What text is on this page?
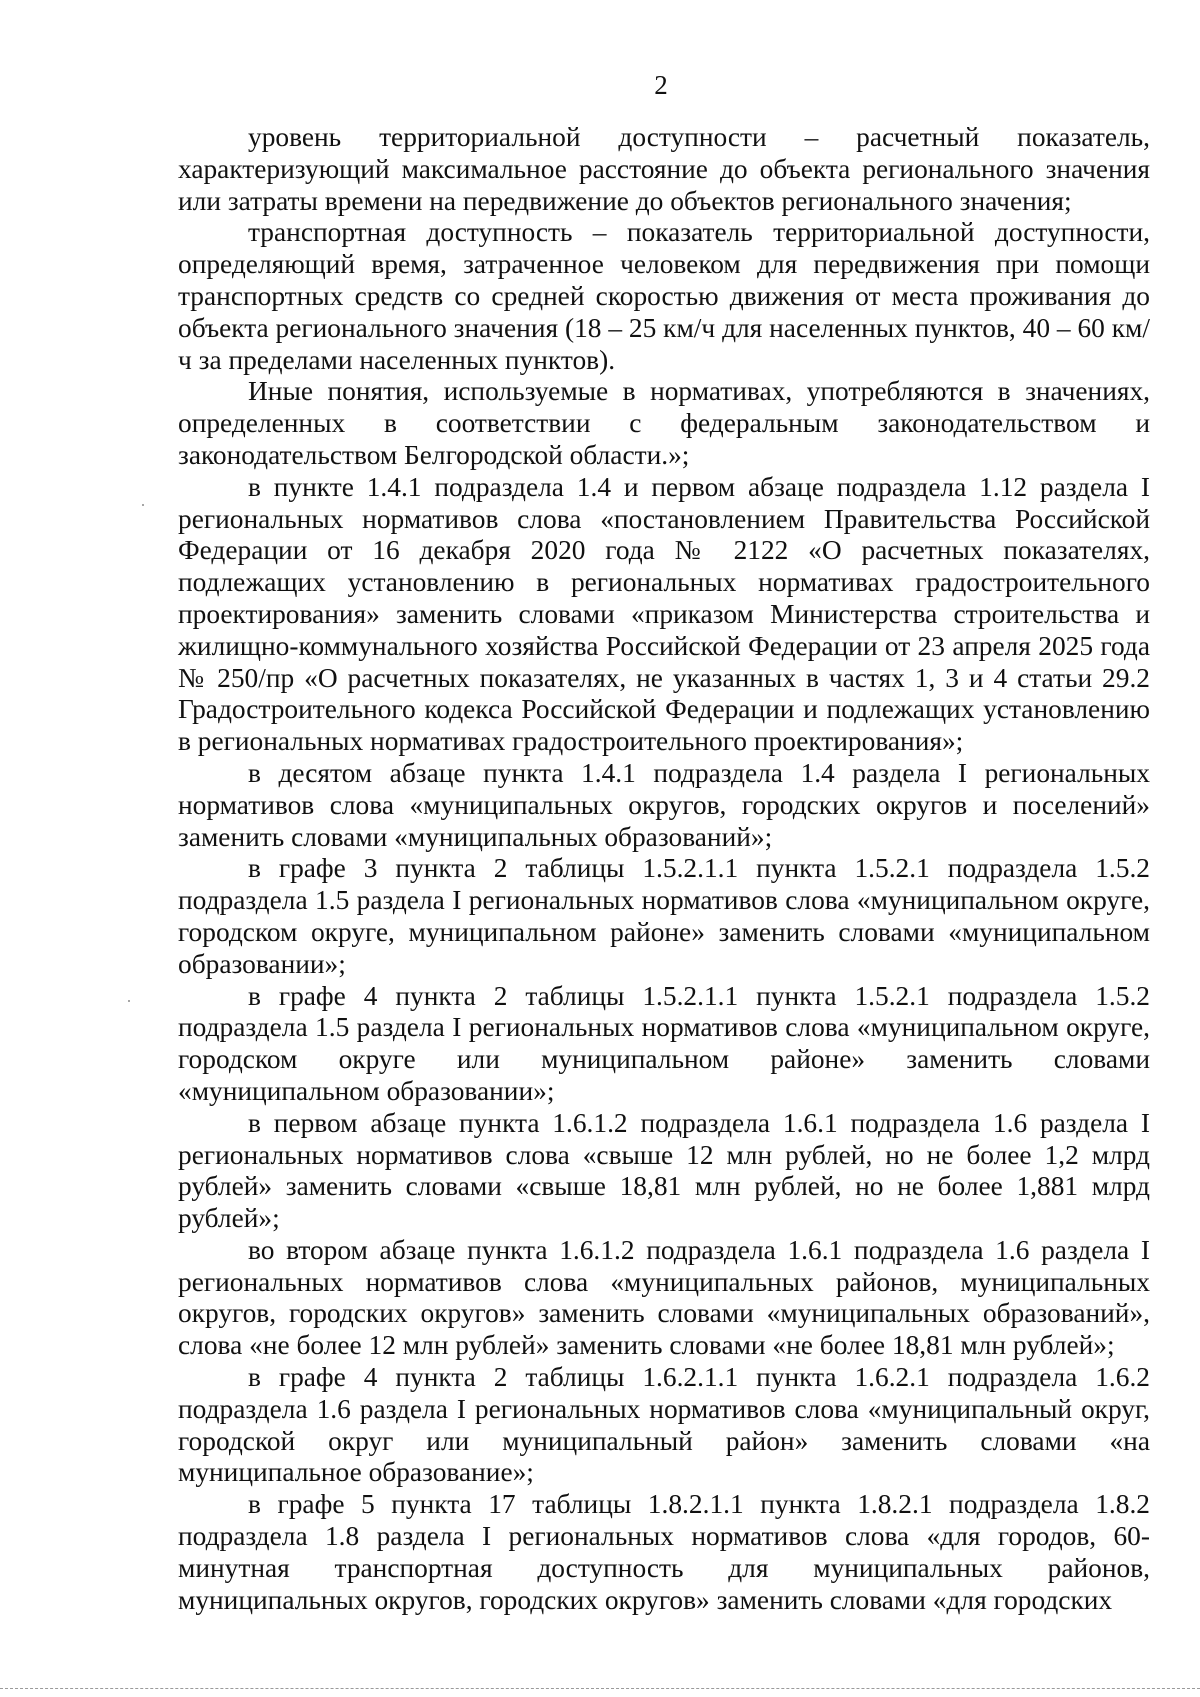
2

уровень территориальной доступности – расчетный показатель, характеризующий максимальное расстояние до объекта регионального значения или затраты времени на передвижение до объектов регионального значения;

транспортная доступность – показатель территориальной доступности, определяющий время, затраченное человеком для передвижения при помощи транспортных средств со средней скоростью движения от места проживания до объекта регионального значения (18 – 25 км/ч для населенных пунктов, 40 – 60 км/ч за пределами населенных пунктов).

Иные понятия, используемые в нормативах, употребляются в значениях, определенных в соответствии с федеральным законодательством и законодательством Белгородской области.»;

в пункте 1.4.1 подраздела 1.4 и первом абзаце подраздела 1.12 раздела I региональных нормативов слова «постановлением Правительства Российской Федерации от 16 декабря 2020 года № 2122 «О расчетных показателях, подлежащих установлению в региональных нормативах градостроительного проектирования» заменить словами «приказом Министерства строительства и жилищно-коммунального хозяйства Российской Федерации от 23 апреля 2025 года № 250/пр «О расчетных показателях, не указанных в частях 1, 3 и 4 статьи 29.2 Градостроительного кодекса Российской Федерации и подлежащих установлению в региональных нормативах градостроительного проектирования»;

в десятом абзаце пункта 1.4.1 подраздела 1.4 раздела I региональных нормативов слова «муниципальных округов, городских округов и поселений» заменить словами «муниципальных образований»;

в графе 3 пункта 2 таблицы 1.5.2.1.1 пункта 1.5.2.1 подраздела 1.5.2 подраздела 1.5 раздела I региональных нормативов слова «муниципальном округе, городском округе, муниципальном районе» заменить словами «муниципальном образовании»;

в графе 4 пункта 2 таблицы 1.5.2.1.1 пункта 1.5.2.1 подраздела 1.5.2 подраздела 1.5 раздела I региональных нормативов слова «муниципальном округе, городском округе или муниципальном районе» заменить словами «муниципальном образовании»;

в первом абзаце пункта 1.6.1.2 подраздела 1.6.1 подраздела 1.6 раздела I региональных нормативов слова «свыше 12 млн рублей, но не более 1,2 млрд рублей» заменить словами «свыше 18,81 млн рублей, но не более 1,881 млрд рублей»;

во втором абзаце пункта 1.6.1.2 подраздела 1.6.1 подраздела 1.6 раздела I региональных нормативов слова «муниципальных районов, муниципальных округов, городских округов» заменить словами «муниципальных образований», слова «не более 12 млн рублей» заменить словами «не более 18,81 млн рублей»;

в графе 4 пункта 2 таблицы 1.6.2.1.1 пункта 1.6.2.1 подраздела 1.6.2 подраздела 1.6 раздела I региональных нормативов слова «муниципальный округ, городской округ или муниципальный район» заменить словами «на муниципальное образование»;

в графе 5 пункта 17 таблицы 1.8.2.1.1 пункта 1.8.2.1 подраздела 1.8.2 подраздела 1.8 раздела I региональных нормативов слова «для городов, 60-минутная транспортная доступность для муниципальных районов, муниципальных округов, городских округов» заменить словами «для городских
